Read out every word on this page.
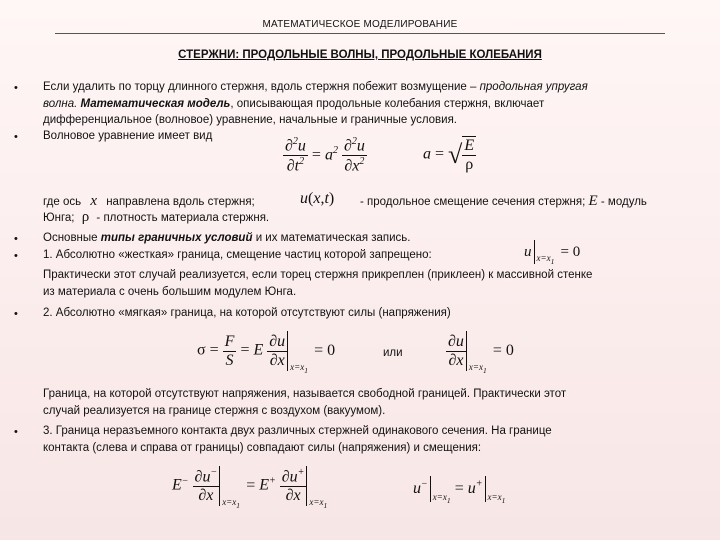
МАТЕМАТИЧЕСКОЕ МОДЕЛИРОВАНИЕ
СТЕРЖНИ: ПРОДОЛЬНЫЕ ВОЛНЫ, ПРОДОЛЬНЫЕ КОЛЕБАНИЯ
•
•
•
•
•
•
Если удалить по торцу длинного стержня, вдоль стержня побежит возмущение – продольная упругая
волна. Математическая модель, описывающая продольные колебания стержня, включает
дифференциальное (волновое) уравнение, начальные и граничные условия.
Волновое уравнение имеет вид	$\frac{\partial^2u}{\partial t^2} = a^2 \frac{\partial^2u}{\partial x^2}$	a = √ $\frac{E}{\rho}$
где ось x направлена вдоль стержня;	u(x,t) - продольное смещение сечения стержня; E - модуль
Юнга; ρ - плотность материала стержня.
Основные типы граничных условий и их математическая запись.
1. Абсолютно «жесткая» граница, смещение частиц которой запрещено:	u $x=x_1$
= 0
Практически этот случай реализуется, если торец стержня прикреплен (приклеен) к массивной стенке
из материала с очень большим модулем Юнга.
2. Абсолютно «мягкая» граница, на которой отсутствуют силы (напряжения)
$\sigma = \frac{F}{S} = E \frac{\partial u}{\partial x} x=x_1$
= 0	или	$\frac{\partial u}{\partial x} x=x_1$
= 0
Граница, на которой отсутствуют напряжения, называется свободной границей. Практически этот
случай реализуется на границе стержня с воздухом (вакуумом).
3. Граница неразъемного контакта двух различных стержней одинакового сечения. На границе
контакта (слева и справа от границы) совпадают силы (напряжения) и смещения:
$E^- \frac{\partial u^-}{\partial x} x=x_1$
= $E^+ \frac{\partial u^+}{\partial x} x=x_1$
u−
$x=x_1$
= u+
$x=x_1$
